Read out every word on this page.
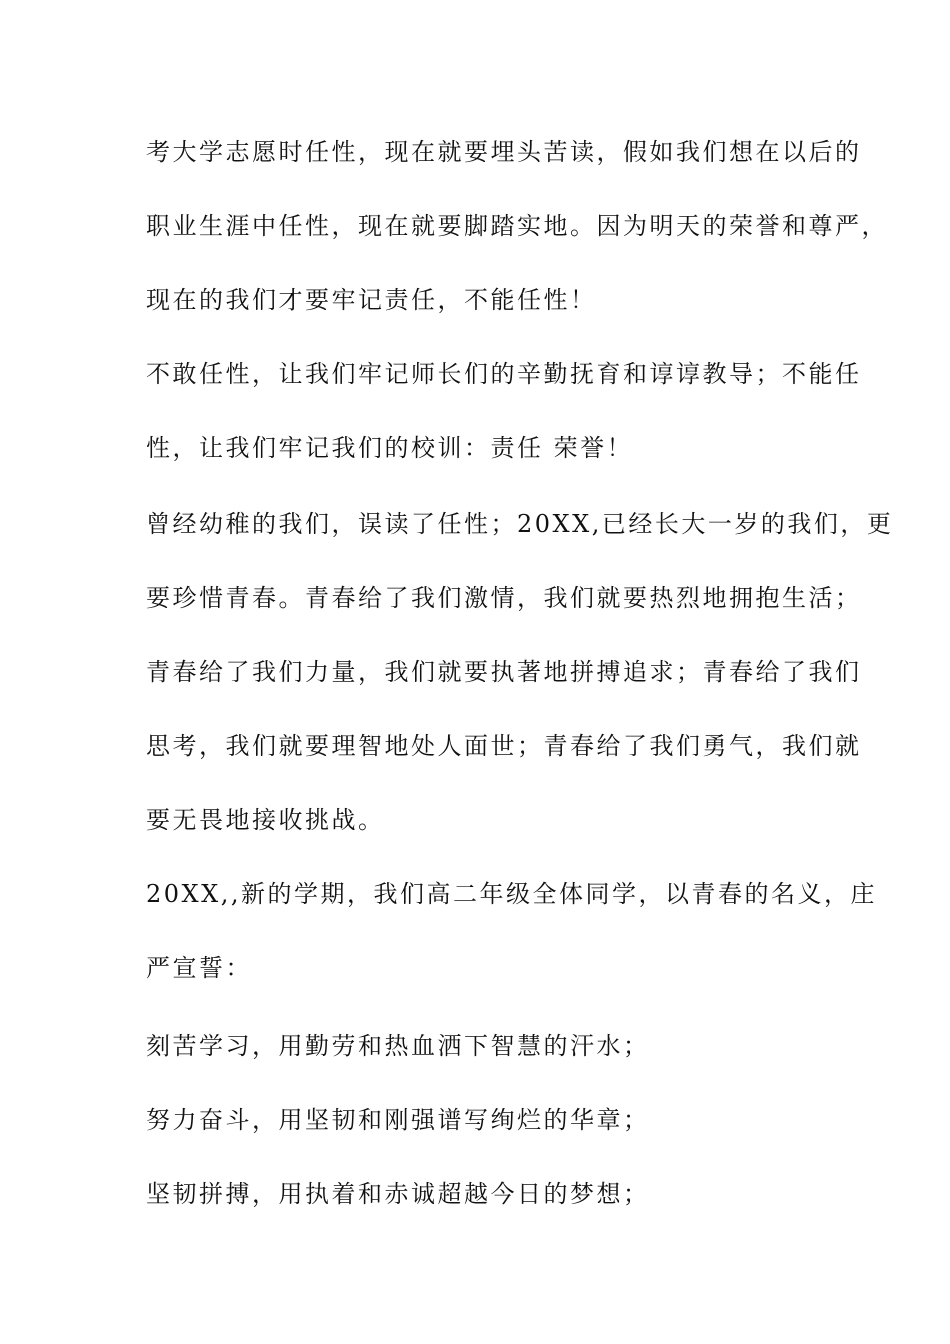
考大学志愿时任性，现在就要埋头苦读，假如我们想在以后的
职业生涯中任性，现在就要脚踏实地。因为明天的荣誉和尊严，
现在的我们才要牢记责任，不能任性！
不敢任性，让我们牢记师长们的辛勤抚育和谆谆教导；不能任
性，让我们牢记我们的校训：责任 荣誉！
曾经幼稚的我们，误读了任性；20XX,已经长大一岁的我们，更
要珍惜青春。青春给了我们激情，我们就要热烈地拥抱生活；
青春给了我们力量，我们就要执著地拼搏追求；青春给了我们
思考，我们就要理智地处人面世；青春给了我们勇气，我们就
要无畏地接收挑战。
20XX,,新的学期，我们高二年级全体同学，以青春的名义，庄
严宣誓：
刻苦学习，用勤劳和热血洒下智慧的汗水；
努力奋斗，用坚韧和刚强谱写绚烂的华章；
坚韧拼搏，用执着和赤诚超越今日的梦想；
